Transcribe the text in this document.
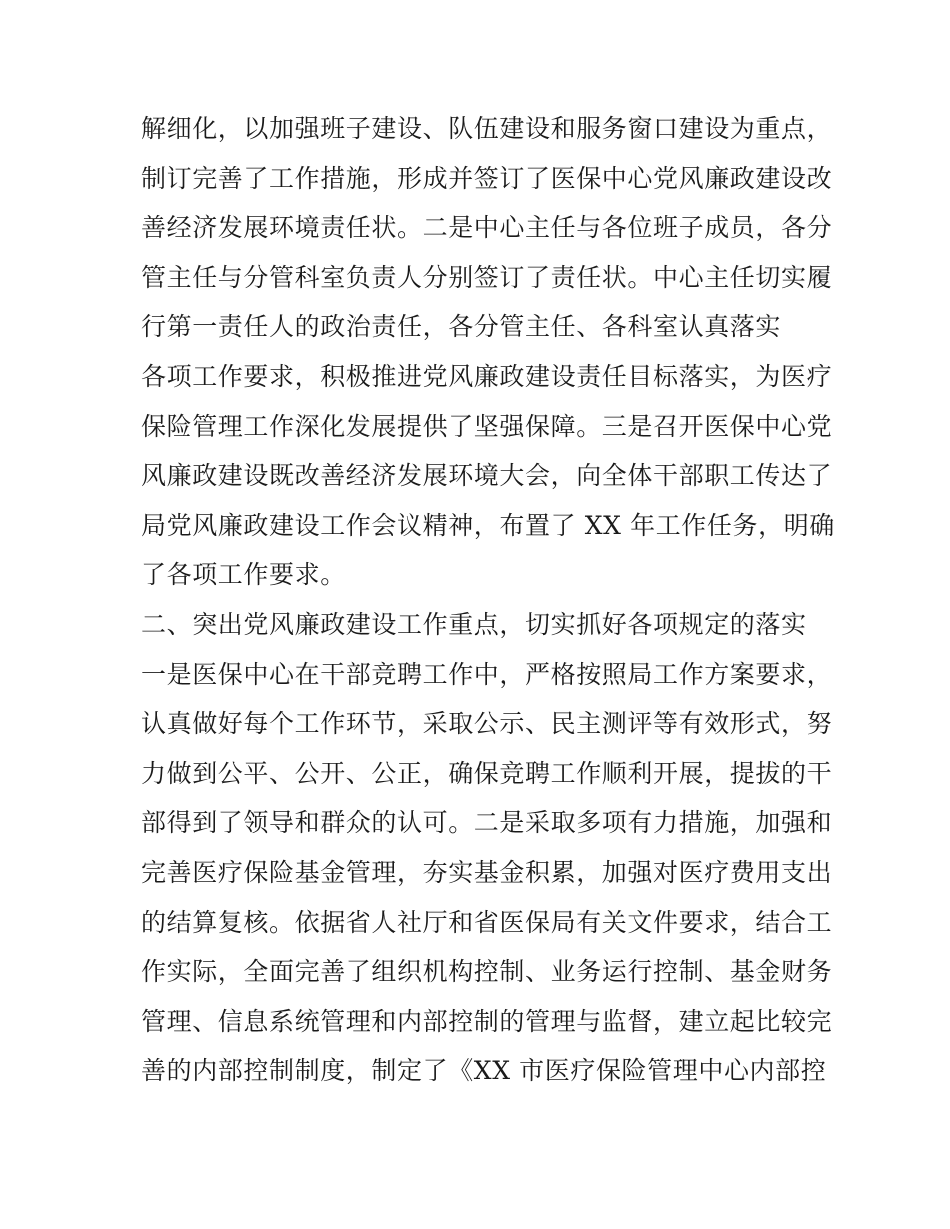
解细化，以加强班子建设、队伍建设和服务窗口建设为重点，
制订完善了工作措施，形成并签订了医保中心党风廉政建设改
善经济发展环境责任状。二是中心主任与各位班子成员，各分
管主任与分管科室负责人分别签订了责任状。中心主任切实履
行第一责任人的政治责任，各分管主任、各科室认真落实
各项工作要求，积极推进党风廉政建设责任目标落实，为医疗
保险管理工作深化发展提供了坚强保障。三是召开医保中心党
风廉政建设既改善经济发展环境大会，向全体干部职工传达了
局党风廉政建设工作会议精神，布置了 XX 年工作任务，明确
了各项工作要求。
二、突出党风廉政建设工作重点，切实抓好各项规定的落实
一是医保中心在干部竞聘工作中，严格按照局工作方案要求，
认真做好每个工作环节，采取公示、民主测评等有效形式，努
力做到公平、公开、公正，确保竞聘工作顺利开展，提拔的干
部得到了领导和群众的认可。二是采取多项有力措施，加强和
完善医疗保险基金管理，夯实基金积累，加强对医疗费用支出
的结算复核。依据省人社厅和省医保局有关文件要求，结合工
作实际，全面完善了组织机构控制、业务运行控制、基金财务
管理、信息系统管理和内部控制的管理与监督，建立起比较完
善的内部控制制度，制定了《XX 市医疗保险管理中心内部控
